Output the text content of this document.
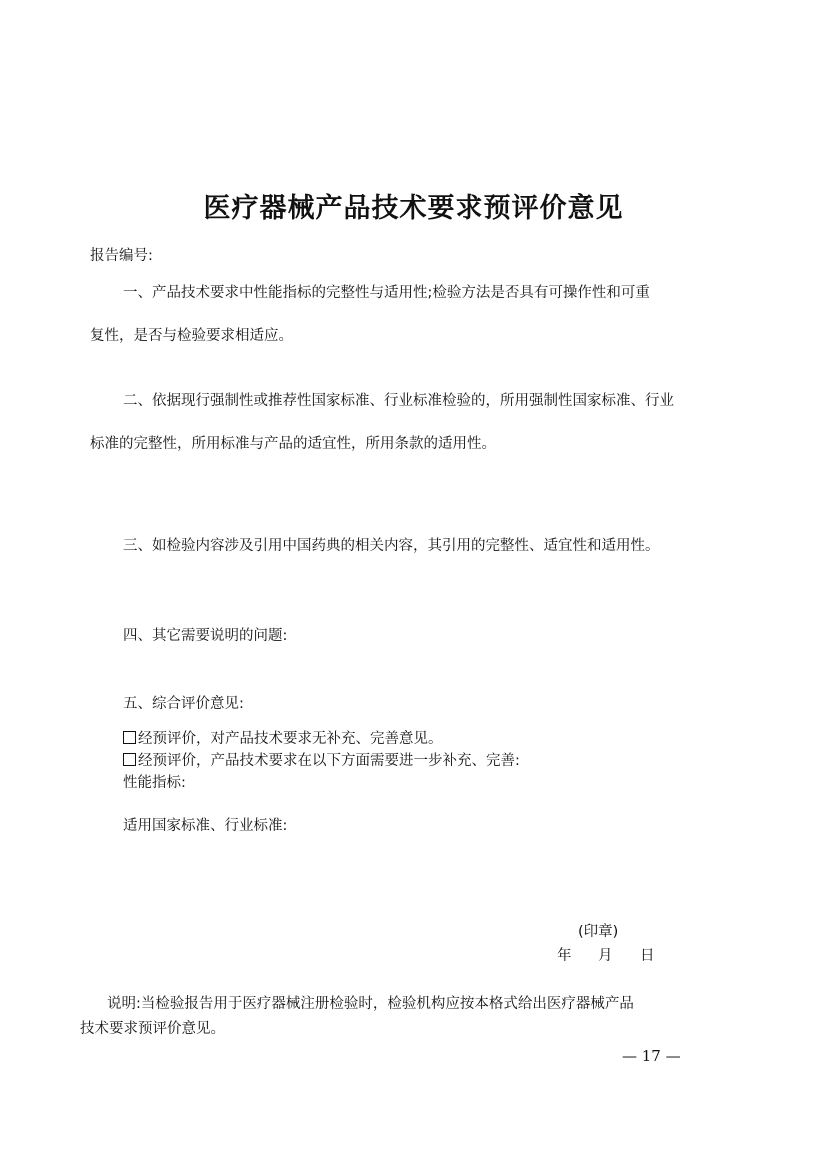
医疗器械产品技术要求预评价意见
报告编号:
一、产品技术要求中性能指标的完整性与适用性;检验方法是否具有可操作性和可重
复性，是否与检验要求相适应。
二、依据现行强制性或推荐性国家标准、行业标准检验的，所用强制性国家标准、行业
标准的完整性，所用标准与产品的适宜性，所用条款的适用性。
三、如检验内容涉及引用中国药典的相关内容，其引用的完整性、适宜性和适用性。
四、其它需要说明的问题:
五、综合评价意见:
经预评价，对产品技术要求无补充、完善意见。
经预评价，产品技术要求在以下方面需要进一步补充、完善:
性能指标:
适用国家标准、行业标准:
(印章)
年 月 日
说明:当检验报告用于医疗器械注册检验时，检验机构应按本格式给出医疗器械产品
技术要求预评价意见。
— 17 —
